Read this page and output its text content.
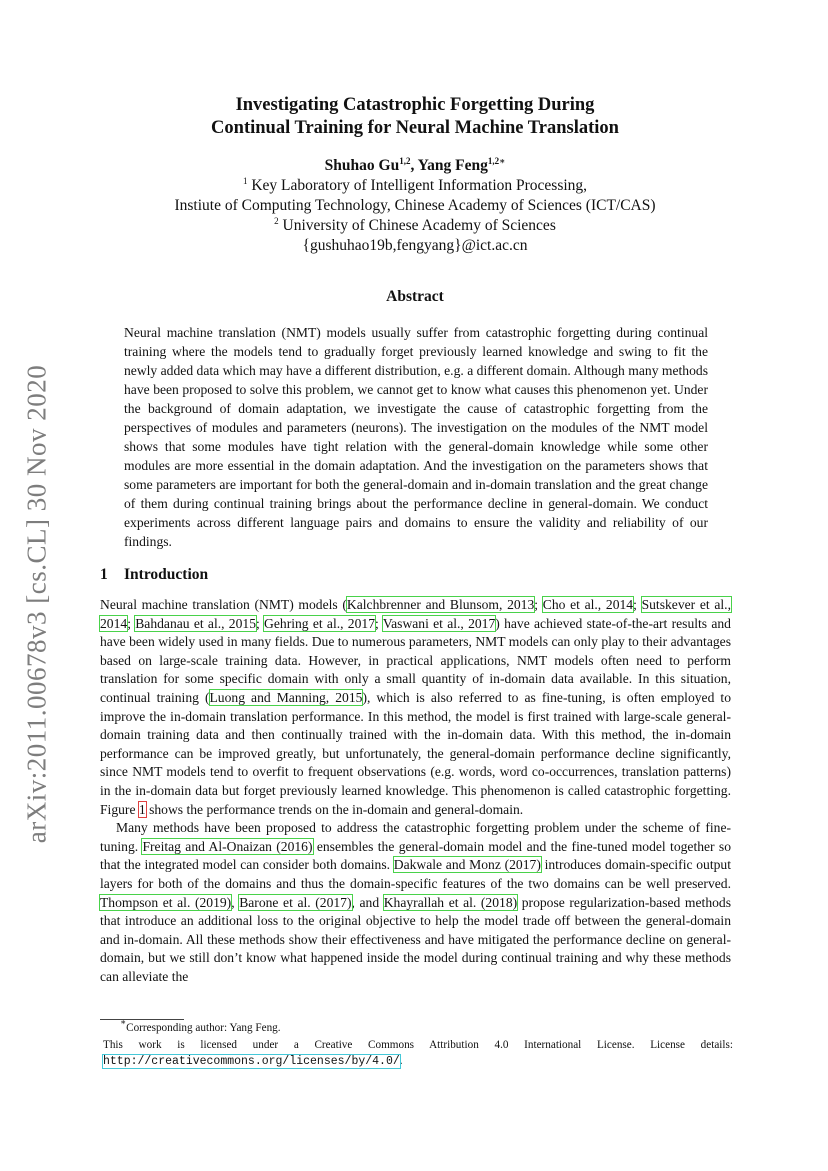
arXiv:2011.00678v3 [cs.CL] 30 Nov 2020
Investigating Catastrophic Forgetting During
Continual Training for Neural Machine Translation
Shuhao Gu$^{1,2}$, Yang Feng$^{1,2∗}$
$^1$ Key Laboratory of Intelligent Information Processing,
Instiute of Computing Technology, Chinese Academy of Sciences (ICT/CAS)
$^2$ University of Chinese Academy of Sciences
{gushuhao19b,fengyang}@ict.ac.cn
Abstract
Neural machine translation (NMT) models usually suffer from catastrophic forgetting during continual training where the models tend to gradually forget previously learned knowledge and swing to fit the newly added data which may have a different distribution, e.g. a different domain. Although many methods have been proposed to solve this problem, we cannot get to know what causes this phenomenon yet. Under the background of domain adaptation, we investigate the cause of catastrophic forgetting from the perspectives of modules and parameters (neurons). The investigation on the modules of the NMT model shows that some modules have tight relation with the general-domain knowledge while some other modules are more essential in the domain adaptation. And the investigation on the parameters shows that some parameters are important for both the general-domain and in-domain translation and the great change of them during continual training brings about the performance decline in general-domain. We conduct experiments across different language pairs and domains to ensure the validity and reliability of our findings.
1 Introduction

Neural machine translation (NMT) models (Kalchbrenner and Blunsom, 2013; Cho et al., 2014; Sutskever et al., 2014; Bahdanau et al., 2015; Gehring et al., 2017; Vaswani et al., 2017) have achieved state-of-the-art results and have been widely used in many fields. Due to numerous parameters, NMT models can only play to their advantages based on large-scale training data. However, in practical applications, NMT models often need to perform translation for some specific domain with only a small quantity of in-domain data available. In this situation, continual training (Luong and Manning, 2015), which is also referred to as fine-tuning, is often employed to improve the in-domain translation performance. In this method, the model is first trained with large-scale general-domain training data and then continually trained with the in-domain data. With this method, the in-domain performance can be improved greatly, but unfortunately, the general-domain performance decline significantly, since NMT models tend to overfit to frequent observations (e.g. words, word co-occurrences, translation patterns) in the in-domain data but forget previously learned knowledge. This phenomenon is called catastrophic forgetting. Figure 1 shows the performance trends on the in-domain and general-domain.

Many methods have been proposed to address the catastrophic forgetting problem under the scheme of fine-tuning. Freitag and Al-Onaizan (2016) ensembles the general-domain model and the fine-tuned model together so that the integrated model can consider both domains. Dakwale and Monz (2017) introduces domain-specific output layers for both of the domains and thus the domain-specific features of the two domains can be well preserved. Thompson et al. (2019), Barone et al. (2017), and Khayrallah et al. (2018) propose regularization-based methods that introduce an additional loss to the original objective to help the model trade off between the general-domain and in-domain. All these methods show their effectiveness and have mitigated the performance decline on general-domain, but we still don’t know what happened inside the model during continual training and why these methods can alleviate the

∗Corresponding author: Yang Feng.
This work is licensed under a Creative Commons Attribution 4.0 International License. License details: http://creativecommons.org/licenses/by/4.0/.
